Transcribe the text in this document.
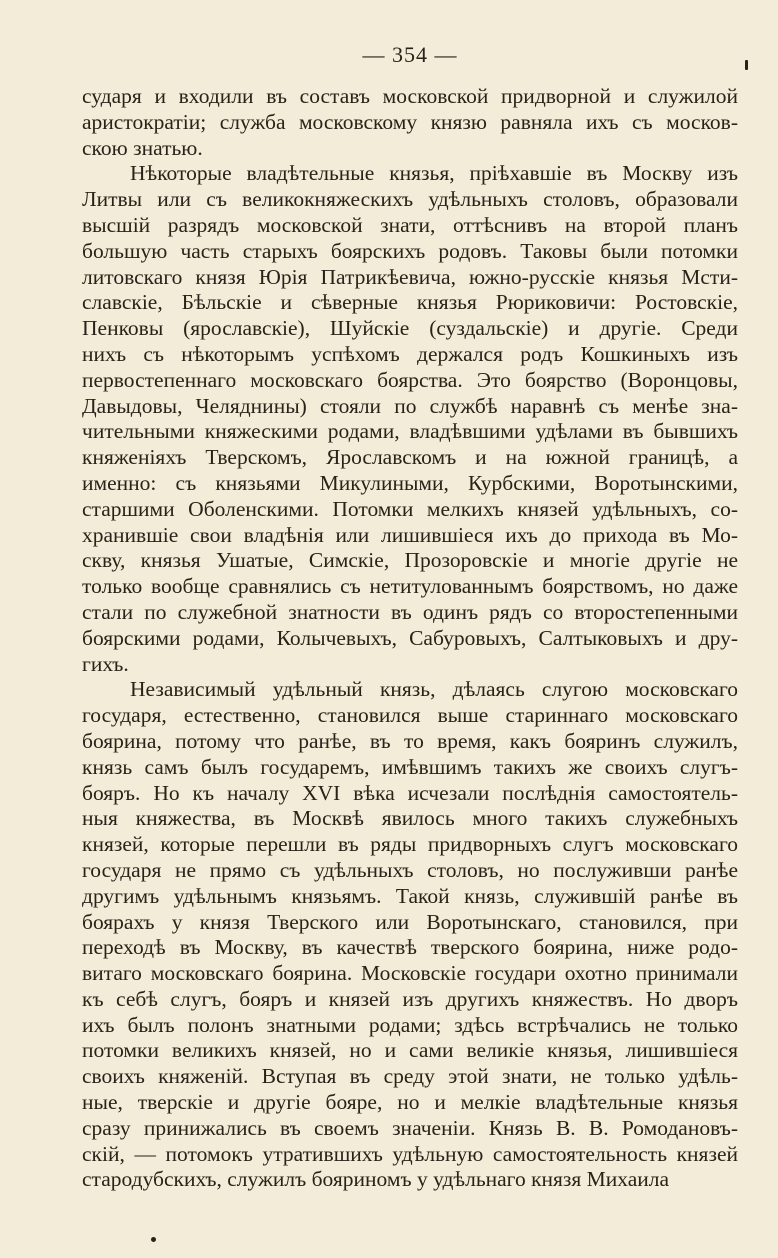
— 354 —

сударя и входили въ составъ московской придворной и служилой
аристократіи; служба московскому князю равняла ихъ съ москов-
скою знатью.

Нѣкоторые владѣтельные князья, пріѣхавшіе въ Москву изъ
Литвы или съ великокняжескихъ удѣльныхъ столовъ, образовали
высшій разрядъ московской знати, оттѣснивъ на второй планъ
большую часть старыхъ боярскихъ родовъ. Таковы были потомки
литовскаго князя Юрія Патрикѣевича, южно-русскіе князья Мсти-
славскіе, Бѣльскіе и сѣверные князья Рюриковичи: Ростовскіе,
Пенковы (ярославскіе), Шуйскіе (суздальскіе) и другіе. Среди
нихъ съ нѣкоторымъ успѣхомъ держался родъ Кошкиныхъ изъ
первостепеннаго московскаго боярства. Это боярство (Воронцовы,
Давыдовы, Челяднины) стояли по службѣ наравнѣ съ менѣе зна-
чительными княжескими родами, владѣвшими удѣлами въ бывшихъ
княженіяхъ Тверскомъ, Ярославскомъ и на южной границѣ, а
именно: съ князьями Микулиными, Курбскими, Воротынскими,
старшими Оболенскими. Потомки мелкихъ князей удѣльныхъ, со-
хранившіе свои владѣнія или лишившіеся ихъ до прихода въ Мо-
скву, князья Ушатые, Симскіе, Прозоровскіе и многіе другіе не
только вообще сравнялись съ нетитулованнымъ боярствомъ, но даже
стали по служебной знатности въ одинъ рядъ со второстепенными
боярскими родами, Колычевыхъ, Сабуровыхъ, Салтыковыхъ и дру-
гихъ.

Независимый удѣльный князь, дѣлаясь слугою московскаго
государя, естественно, становился выше стариннаго московскаго
боярина, потому что ранѣе, въ то время, какъ бояринъ служилъ,
князь самъ былъ государемъ, имѣвшимъ такихъ же своихъ слугъ-
бояръ. Но къ началу XVI вѣка исчезали послѣднія самостоятель-
ныя княжества, въ Москвѣ явилось много такихъ служебныхъ
князей, которые перешли въ ряды придворныхъ слугъ московскаго
государя не прямо съ удѣльныхъ столовъ, но послуживши ранѣе
другимъ удѣльнымъ князьямъ. Такой князь, служившій ранѣе въ
боярахъ у князя Тверского или Воротынскаго, становился, при
переходѣ въ Москву, въ качествѣ тверского боярина, ниже родо-
витаго московскаго боярина. Московскіе государи охотно принимали
къ себѣ слугъ, бояръ и князей изъ другихъ княжествъ. Но дворъ
ихъ былъ полонъ знатными родами; здѣсь встрѣчались не только
потомки великихъ князей, но и сами великіе князья, лишившіеся
своихъ княженій. Вступая въ среду этой знати, не только удѣль-
ные, тверскіе и другіе бояре, но и мелкіе владѣтельные князья
сразу принижались въ своемъ значеніи. Князь В. В. Ромодановъ-
скій, — потомокъ утратившихъ удѣльную самостоятельность князей
стародубскихъ, служилъ бояриномъ у удѣльнаго князя Михаила
